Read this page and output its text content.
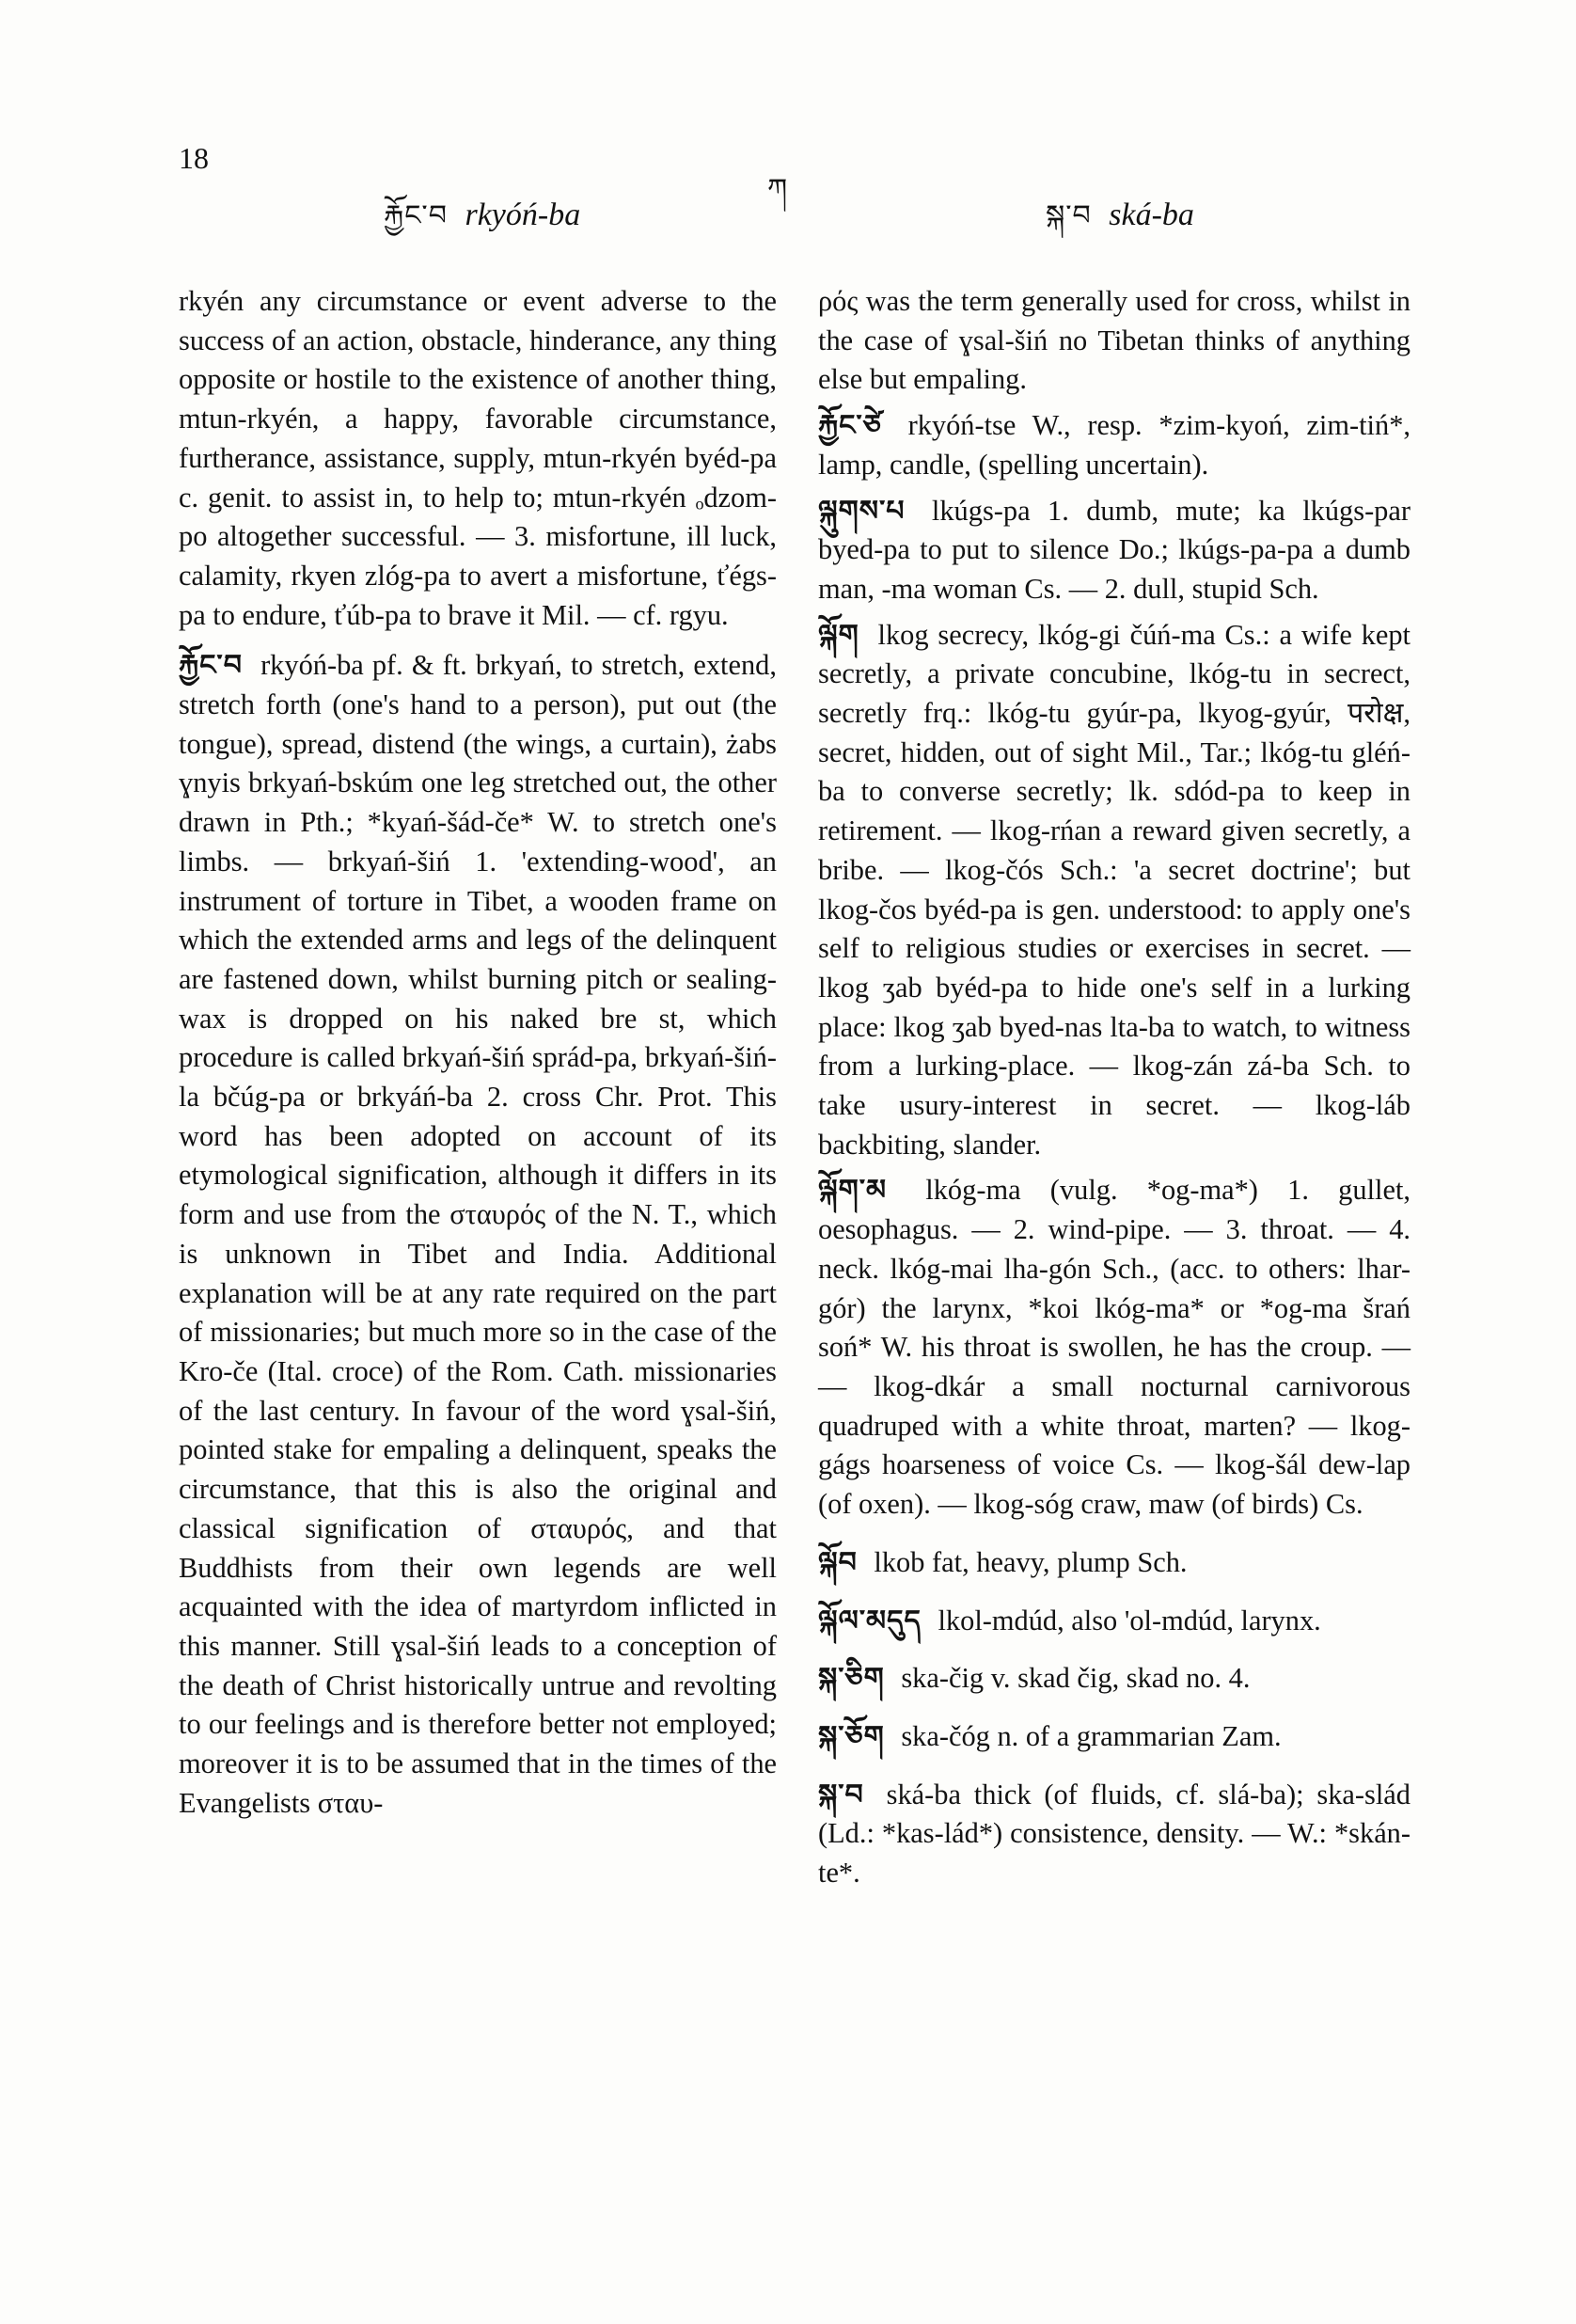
18
རྐྱོང་བ rkyóń-ba
ཀ
སྐ་བ ská-ba

rkyén any circumstance or event adverse to the success of an action, obstacle, hinderance, any thing opposite or hostile to the existence of another thing, mtun-rkyén, a happy, favorable circumstance, furtherance, assistance, supply, mtun-rkyén byéd-pa c. genit. to assist in, to help to; mtun-rkyén ₒdzom-po altogether successful. — 3. misfortune, ill luck, calamity, rkyen zlóg-pa to avert a misfortune, ťégs-pa to endure, ťúb-pa to brave it Mil. — cf. rgyu.

རྐྱོང་བ rkyóń-ba pf. & ft. brkyań, to stretch, extend, stretch forth (one's hand to a person), put out (the tongue), spread, distend (the wings, a curtain), żabs ɣnyis brkyań-bskúm one leg stretched out, the other drawn in Pth.; *kyań-šád-če* W. to stretch one's limbs. — brkyań-šiń 1. 'extending-wood', an instrument of torture in Tibet, a wooden frame on which the extended arms and legs of the delinquent are fastened down, whilst burning pitch or sealing-wax is dropped on his naked bre st, which procedure is called brkyań-šiń sprád-pa, brkyań-šiń-la bčúg-pa or brkyáń-ba 2. cross Chr. Prot. This word has been adopted on account of its etymological signification, although it differs in its form and use from the σταυρός of the N. T., which is unknown in Tibet and India. Additional explanation will be at any rate required on the part of missionaries; but much more so in the case of the Kro-če (Ital. croce) of the Rom. Cath. missionaries of the last century. In favour of the word ɣsal-šiń, pointed stake for empaling a delinquent, speaks the circumstance, that this is also the original and classical signification of σταυρός, and that Buddhists from their own legends are well acquainted with the idea of martyrdom inflicted in this manner. Still ɣsal-šiń leads to a conception of the death of Christ historically untrue and revolting to our feelings and is therefore better not employed; moreover it is to be assumed that in the times of the Evangelists σταυ-

ρός was the term generally used for cross, whilst in the case of ɣsal-šiń no Tibetan thinks of anything else but empaling.

རྐྱོང་ཙེ rkyóń-tse W., resp. *zim-kyoń, zim-tiń*, lamp, candle, (spelling uncertain).

ལྐུགས་པ lkúgs-pa 1. dumb, mute; ka lkúgs-par byed-pa to put to silence Do.; lkúgs-pa-pa a dumb man, -ma woman Cs. — 2. dull, stupid Sch.

ལྐོག lkog secrecy, lkóg-gi čúń-ma Cs.: a wife kept secretly, a private concubine, lkóg-tu in secrect, secretly frq.: lkóg-tu gyúr-pa, lkyog-gyúr, परोक्ष, secret, hidden, out of sight Mil., Tar.; lkóg-tu gléń-ba to converse secretly; lk. sdód-pa to keep in retirement. — lkog-rńan a reward given secretly, a bribe. — lkog-čós Sch.: 'a secret doctrine'; but lkog-čos byéd-pa is gen. understood: to apply one's self to religious studies or exercises in secret. — lkog ʒab byéd-pa to hide one's self in a lurking place: lkog ʒab byed-nas lta-ba to watch, to witness from a lurking-place. — lkog-zán zá-ba Sch. to take usury-interest in secret. — lkog-láb backbiting, slander.

ལྐོག་མ lkóg-ma (vulg. *og-ma*) 1. gullet, oesophagus. — 2. wind-pipe. — 3. throat. — 4. neck. lkóg-mai lha-gón Sch., (acc. to others: lhar-gór) the larynx, *koi lkóg-ma* or *og-ma šrań soń* W. his throat is swollen, he has the croup. — — lkog-dkár a small nocturnal carnivorous quadruped with a white throat, marten? — lkog-gágs hoarseness of voice Cs. — lkog-šál dew-lap (of oxen). — lkog-sóg craw, maw (of birds) Cs.

ལྐོབ lkob fat, heavy, plump Sch.

ལྐོལ་མདུད lkol-mdúd, also 'ol-mdúd, larynx.

སྐ་ཅིག ska-čig v. skad čig, skad no. 4.

སྐ་ཅོག ska-čóg n. of a grammarian Zam.

སྐ་བ ská-ba thick (of fluids, cf. slá-ba); ska-slád (Ld.: *kas-lád*) consistence, density. — W.: *skán-te*.
